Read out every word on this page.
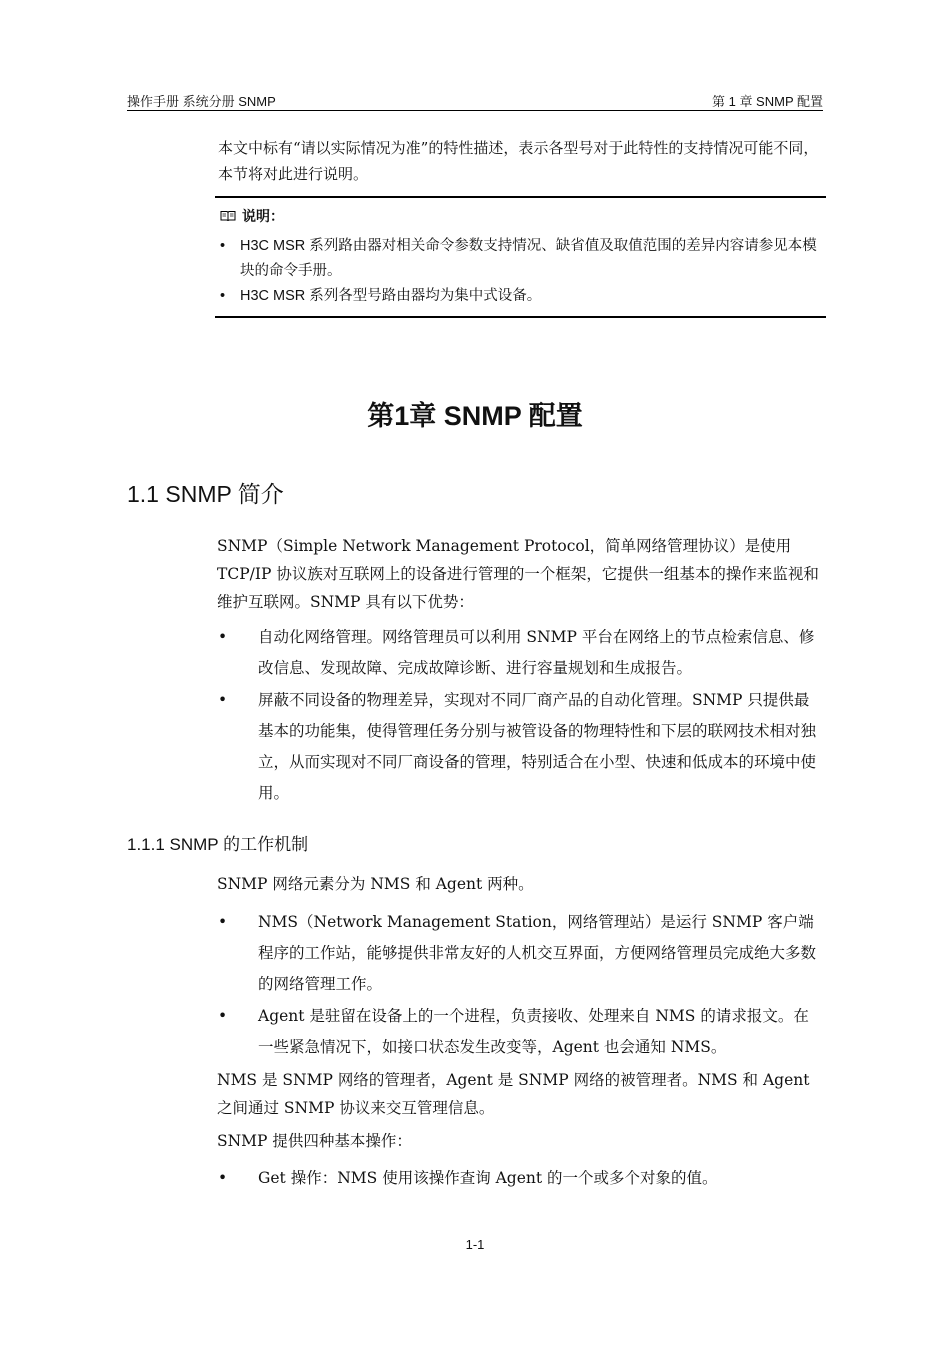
操作手册 系统分册 SNMP	第 1 章 SNMP 配置
本文中标有“请以实际情况为准”的特性描述，表示各型号对于此特性的支持情况可能不同，本节将对此进行说明。
说明：
•	H3C MSR 系列路由器对相关命令参数支持情况、缺省值及取值范围的差异内容请参见本模块的命令手册。
•	H3C MSR 系列各型号路由器均为集中式设备。
第1章 SNMP 配置
1.1 SNMP 简介
SNMP（Simple Network Management Protocol，简单网络管理协议）是使用 TCP/IP 协议族对互联网上的设备进行管理的一个框架，它提供一组基本的操作来监视和维护互联网。SNMP 具有以下优势：
•	自动化网络管理。网络管理员可以利用 SNMP 平台在网络上的节点检索信息、修改信息、发现故障、完成故障诊断、进行容量规划和生成报告。
•	屏蔽不同设备的物理差异，实现对不同厂商产品的自动化管理。SNMP 只提供最基本的功能集，使得管理任务分别与被管设备的物理特性和下层的联网技术相对独立，从而实现对不同厂商设备的管理，特别适合在小型、快速和低成本的环境中使用。
1.1.1 SNMP 的工作机制
SNMP 网络元素分为 NMS 和 Agent 两种。
•	NMS（Network Management Station，网络管理站）是运行 SNMP 客户端程序的工作站，能够提供非常友好的人机交互界面，方便网络管理员完成绝大多数的网络管理工作。
•	Agent 是驻留在设备上的一个进程，负责接收、处理来自 NMS 的请求报文。在一些紧急情况下，如接口状态发生改变等，Agent 也会通知 NMS。
NMS 是 SNMP 网络的管理者，Agent 是 SNMP 网络的被管理者。NMS 和 Agent 之间通过 SNMP 协议来交互管理信息。
SNMP 提供四种基本操作：
•	Get 操作：NMS 使用该操作查询 Agent 的一个或多个对象的值。
1-1
